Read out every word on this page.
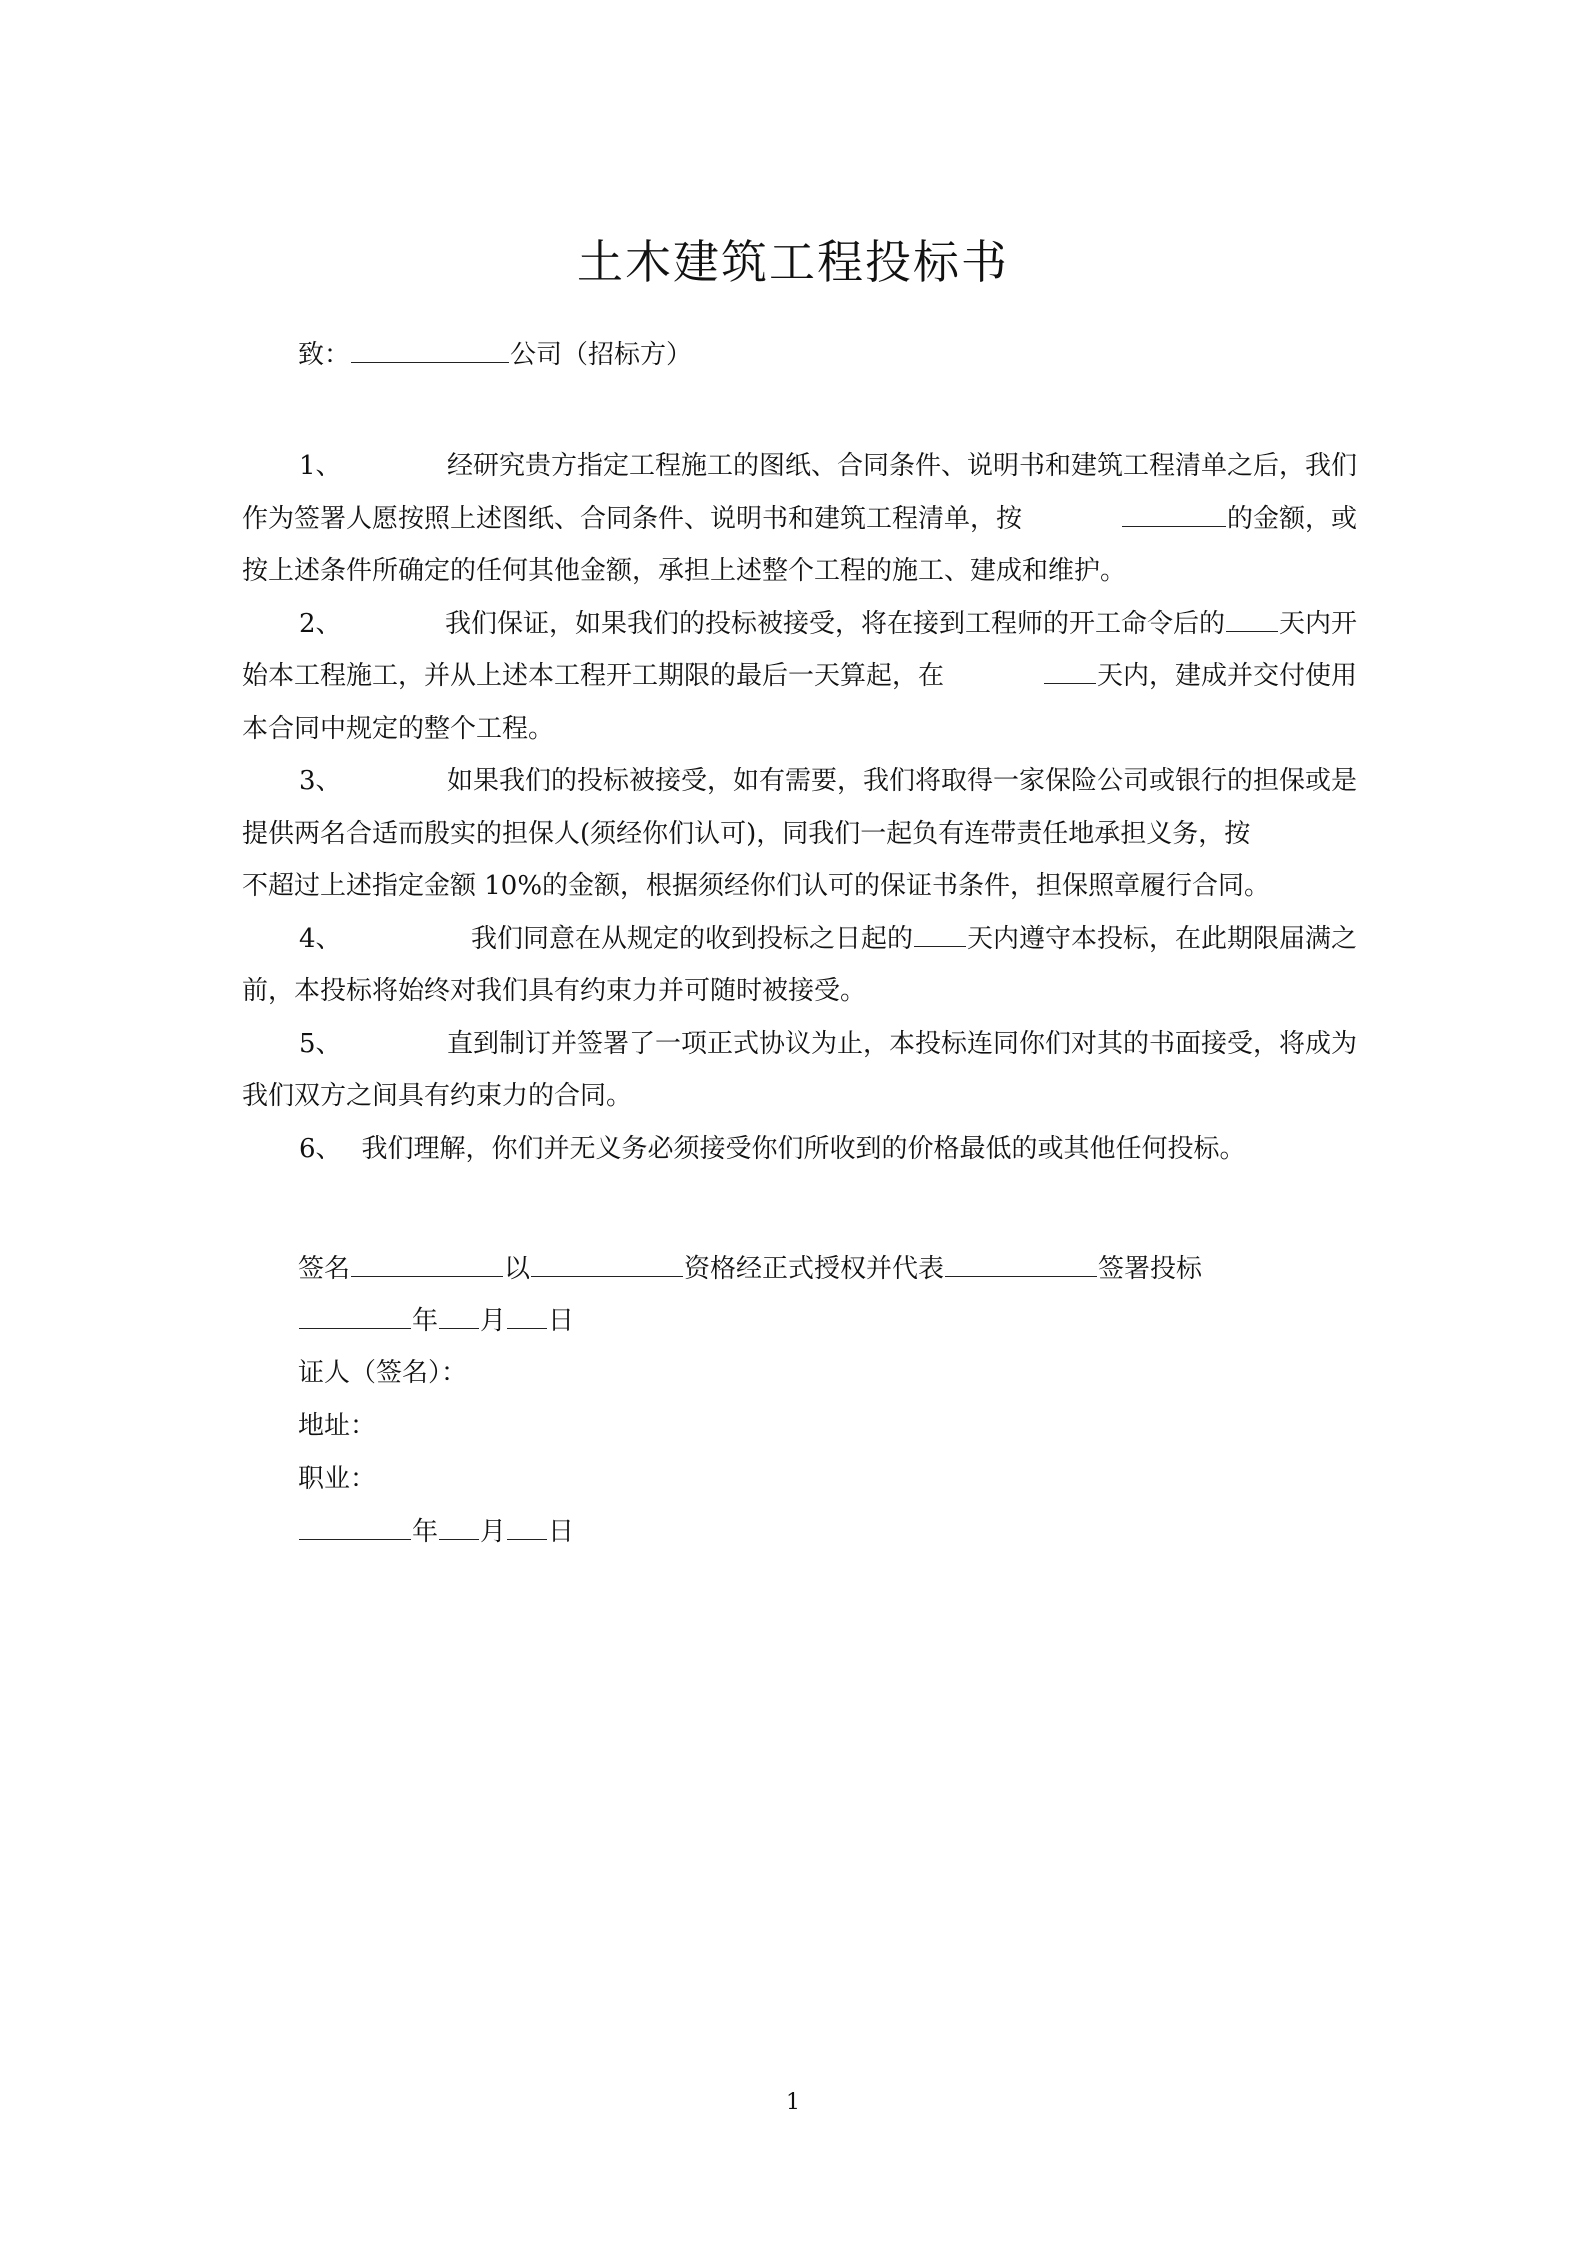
土木建筑工程投标书
致：	公司（招标方）
1、	经研究贵方指定工程施工的图纸、合同条件、说明书和建筑工程清单之后，我们
作为签署人愿按照上述图纸、合同条件、说明书和建筑工程清单，按	的金额，或
按上述条件所确定的任何其他金额，承担上述整个工程的施工、建成和维护。
2、	我们保证，如果我们的投标被接受，将在接到工程师的开工命令后的 天内开
始本工程施工，并从上述本工程开工期限的最后一天算起，在	天内，建成并交付使用
本合同中规定的整个工程。
3、	如果我们的投标被接受，如有需要，我们将取得一家保险公司或银行的担保或是
提供两名合适而殷实的担保人(须经你们认可)，同我们一起负有连带责任地承担义务，按
不超过上述指定金额 10%的金额，根据须经你们认可的保证书条件，担保照章履行合同。
4、	我们同意在从规定的收到投标之日起的 天内遵守本投标，在此期限届满之
前，本投标将始终对我们具有约束力并可随时被接受。
5、	直到制订并签署了一项正式协议为止，本投标连同你们对其的书面接受，将成为
我们双方之间具有约束力的合同。
6、 我们理解，你们并无义务必须接受你们所收到的价格最低的或其他任何投标。
签名	以	资格经正式授权并代表	签署投标
年 月 日
证人（签名）：
地址：
职业：
年 月 日
1
